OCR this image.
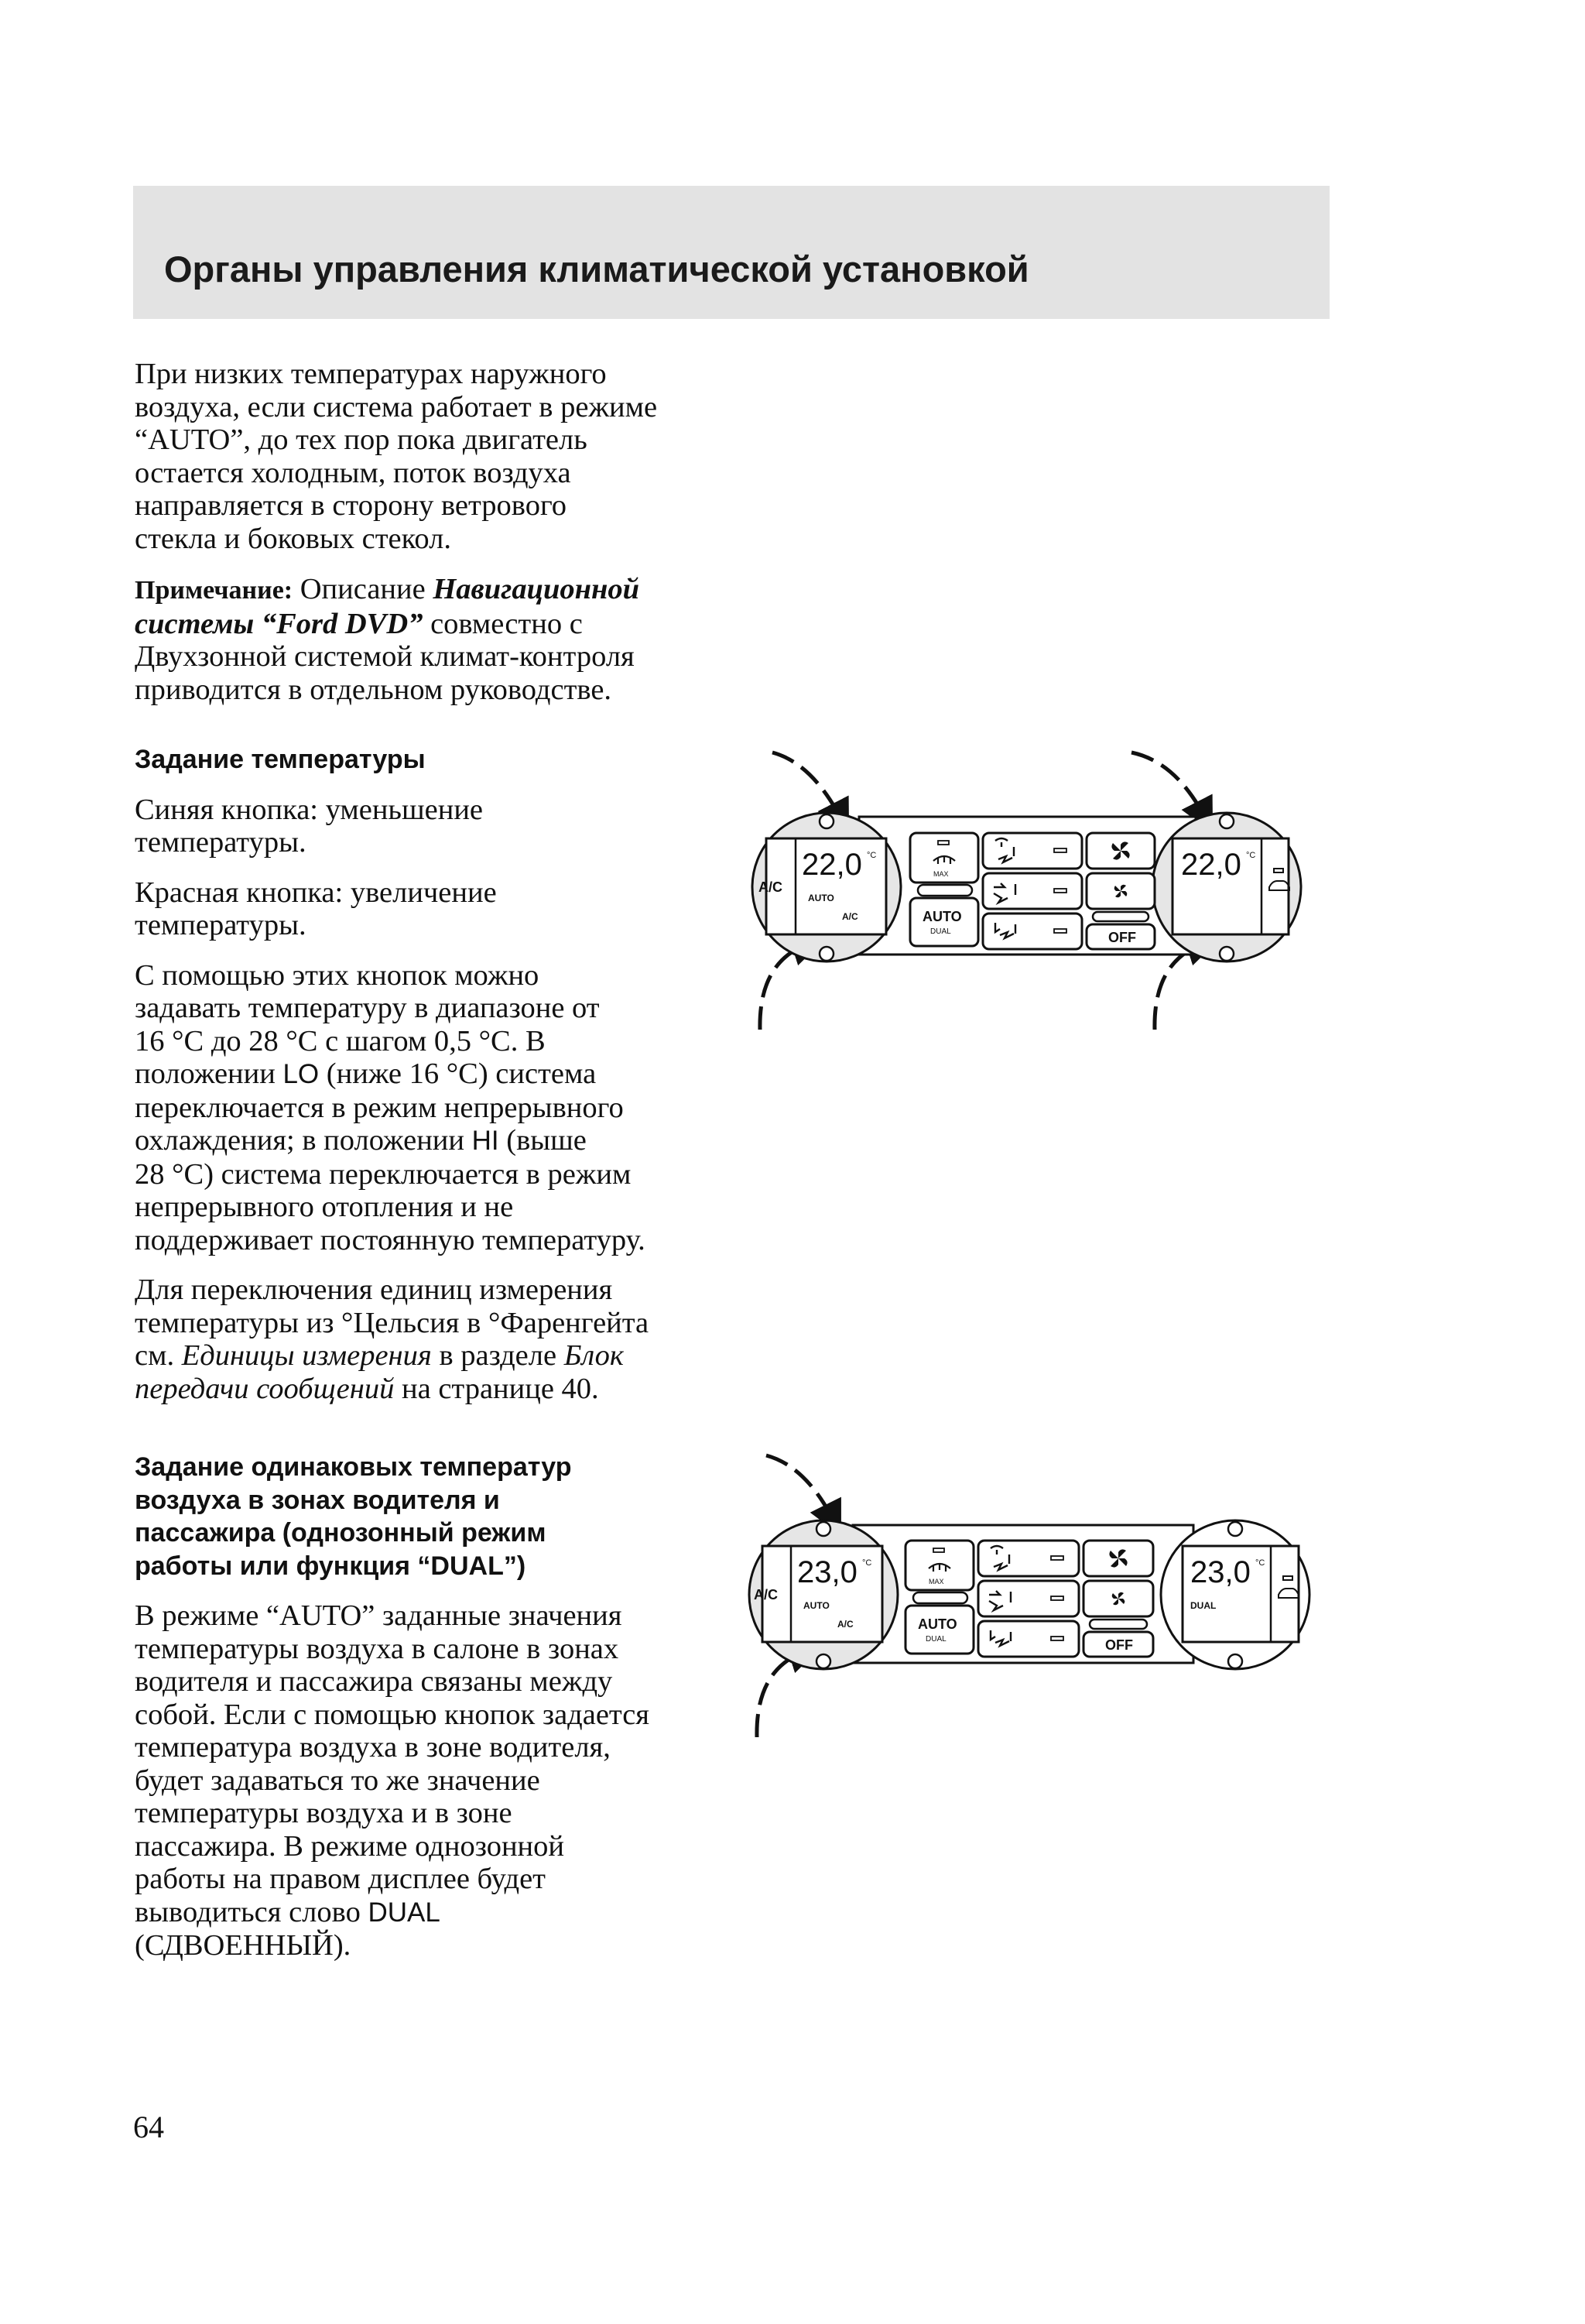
Органы управления климатической установкой

При низких температурах наружного
воздуха, если система работает в режиме
“AUTO”, до тех пор пока двигатель
остается холодным, поток воздуха
направляется в сторону ветрового
стекла и боковых стекол.

Примечание: Описание Навигационной
системы “Ford DVD” совместно с
Двухзонной системой климат-контроля
приводится в отдельном руководстве.

Задание температуры

Синяя кнопка: уменьшение
температуры.

Красная кнопка: увеличение
температуры.

С помощью этих кнопок можно
задавать температуру в диапазоне от
16 °С до 28 °С с шагом 0,5 °С. В
положении LO (ниже 16 °С) система
переключается в режим непрерывного
охлаждения; в положении HI (выше
28 °С) система переключается в режим
непрерывного отопления и не
поддерживает постоянную температуру.

Для переключения единиц измерения
температуры из °Цельсия в °Фаренгейта
см. Единицы измерения в разделе Блок
передачи сообщений на странице 40.

Задание одинаковых температур
воздуха в зонах водителя и
пассажира (однозонный режим
работы или функция “DUAL”)

В режиме “AUTO” заданные значения
температуры воздуха в салоне в зонах
водителя и пассажира связаны между
собой. Если с помощью кнопок задается
температура воздуха в зоне водителя,
будет задаваться то же значение
температуры воздуха и в зоне
пассажира. В режиме однозонной
работы на правом дисплее будет
выводиться слово DUAL
(СДВОЕННЫЙ).

64
A/C
22,0 °C
AUTO
A/C
22,0 °C
MAX
AUTO
DUAL	OFF
A/C
23,0 °C
AUTO
A/C
23,0 °C
DUAL
MAX
AUTO
DUAL	OFF
